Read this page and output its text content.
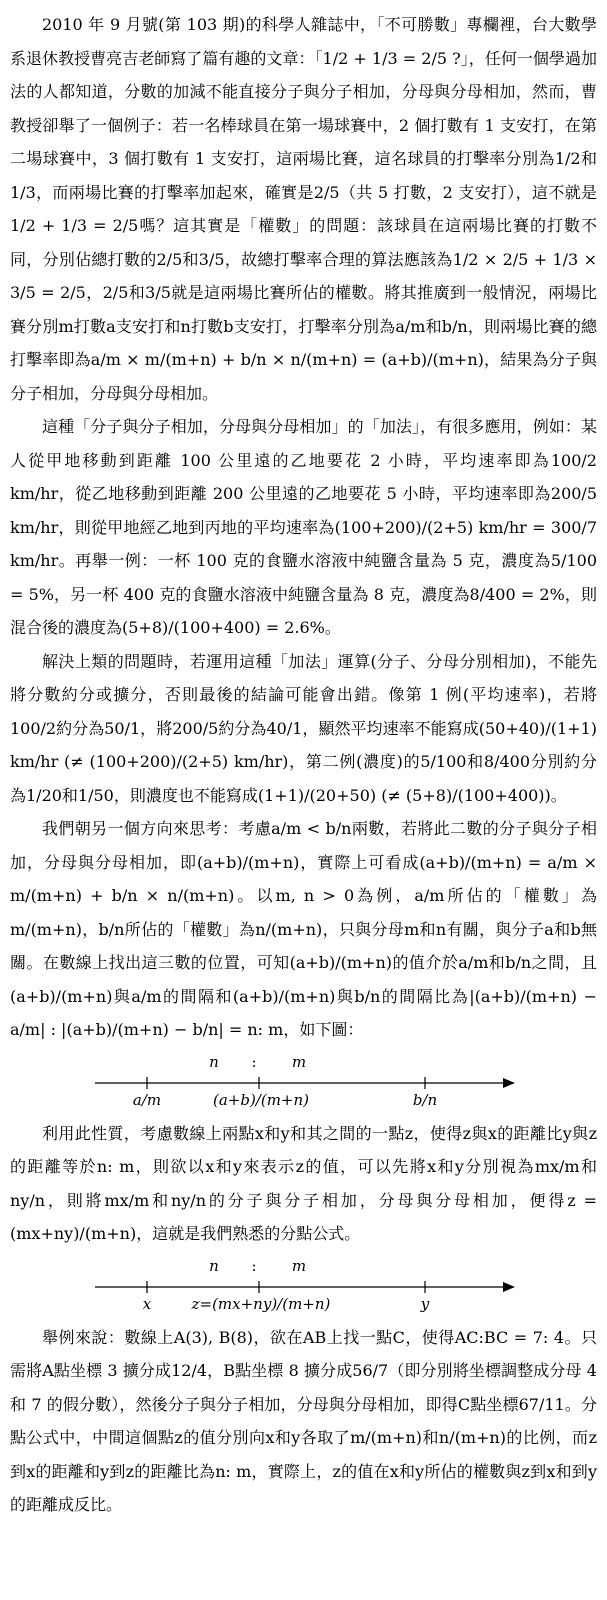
2010 年 9 月號(第 103 期)的科學人雜誌中，「不可勝數」專欄裡，台大數學系退休教授曹亮吉老師寫了篇有趣的文章：「1/2 + 1/3 = 2/5 ?」，任何一個學過加法的人都知道，分數的加減不能直接分子與分子相加，分母與分母相加，然而，曹教授卻舉了一個例子：若一名棒球員在第一場球賽中，2 個打數有 1 支安打，在第二場球賽中，3 個打數有 1 支安打，這兩場比賽，這名球員的打擊率分別為1/2和1/3，而兩場比賽的打擊率加起來，確實是2/5（共 5 打數，2 支安打），這不就是1/2 + 1/3 = 2/5嗎？這其實是「權數」的問題：該球員在這兩場比賽的打數不同，分別佔總打數的2/5和3/5，故總打擊率合理的算法應該為1/2 × 2/5 + 1/3 × 3/5 = 2/5，2/5和3/5就是這兩場比賽所佔的權數。將其推廣到一般情況，兩場比賽分別m打數a支安打和n打數b支安打，打擊率分別為a/m和b/n，則兩場比賽的總打擊率即為a/m × m/(m+n) + b/n × n/(m+n) = (a+b)/(m+n)，結果為分子與分子相加，分母與分母相加。

這種「分子與分子相加，分母與分母相加」的「加法」，有很多應用，例如：某人從甲地移動到距離 100 公里遠的乙地要花 2 小時，平均速率即為100/2 km/hr，從乙地移動到距離 200 公里遠的乙地要花 5 小時，平均速率即為200/5 km/hr，則從甲地經乙地到丙地的平均速率為(100+200)/(2+5) km/hr = 300/7 km/hr。再舉一例：一杯 100 克的食鹽水溶液中純鹽含量為 5 克，濃度為5/100 = 5%，另一杯 400 克的食鹽水溶液中純鹽含量為 8 克，濃度為8/400 = 2%，則混合後的濃度為(5+8)/(100+400) = 2.6%。

解決上類的問題時，若運用這種「加法」運算(分子、分母分別相加)，不能先將分數約分或擴分，否則最後的結論可能會出錯。像第 1 例(平均速率)，若將100/2約分為50/1，將200/5約分為40/1，顯然平均速率不能寫成(50+40)/(1+1) km/hr (≠ (100+200)/(2+5) km/hr)，第二例(濃度)的5/100和8/400分別約分為1/20和1/50，則濃度也不能寫成(1+1)/(20+50) (≠ (5+8)/(100+400))。

我們朝另一個方向來思考：考慮a/m < b/n兩數，若將此二數的分子與分子相加，分母與分母相加，即(a+b)/(m+n)，實際上可看成(a+b)/(m+n) = a/m × m/(m+n) + b/n × n/(m+n)。以m, n > 0為例，a/m所佔的「權數」為m/(m+n)，b/n所佔的「權數」為n/(m+n)，只與分母m和n有關，與分子a和b無關。在數線上找出這三數的位置，可知(a+b)/(m+n)的值介於a/m和b/n之間，且(a+b)/(m+n)與a/m的間隔和(a+b)/(m+n)與b/n的間隔比為|(a+b)/(m+n) − a/m| : |(a+b)/(m+n) − b/n| = n: m，如下圖：

n : m
a/m	(a+b)/(m+n)	b/n

利用此性質，考慮數線上兩點x和y和其之間的一點z，使得z與x的距離比y與z的距離等於n: m，則欲以x和y來表示z的值，可以先將x和y分別視為mx/m和ny/n，則將mx/m和ny/n的分子與分子相加，分母與分母相加，便得z = (mx+ny)/(m+n)，這就是我們熟悉的分點公式。

n : m
x	z=(mx+ny)/(m+n)	y

舉例來說：數線上A(3), B(8)，欲在AB上找一點C，使得AC:BC = 7: 4。只需將A點坐標 3 擴分成12/4，B點坐標 8 擴分成56/7（即分別將坐標調整成分母 4 和 7 的假分數），然後分子與分子相加，分母與分母相加，即得C點坐標67/11。分點公式中，中間這個點z的值分別向x和y各取了m/(m+n)和n/(m+n)的比例，而z到x的距離和y到z的距離比為n: m，實際上，z的值在x和y所佔的權數與z到x和到y的距離成反比。
